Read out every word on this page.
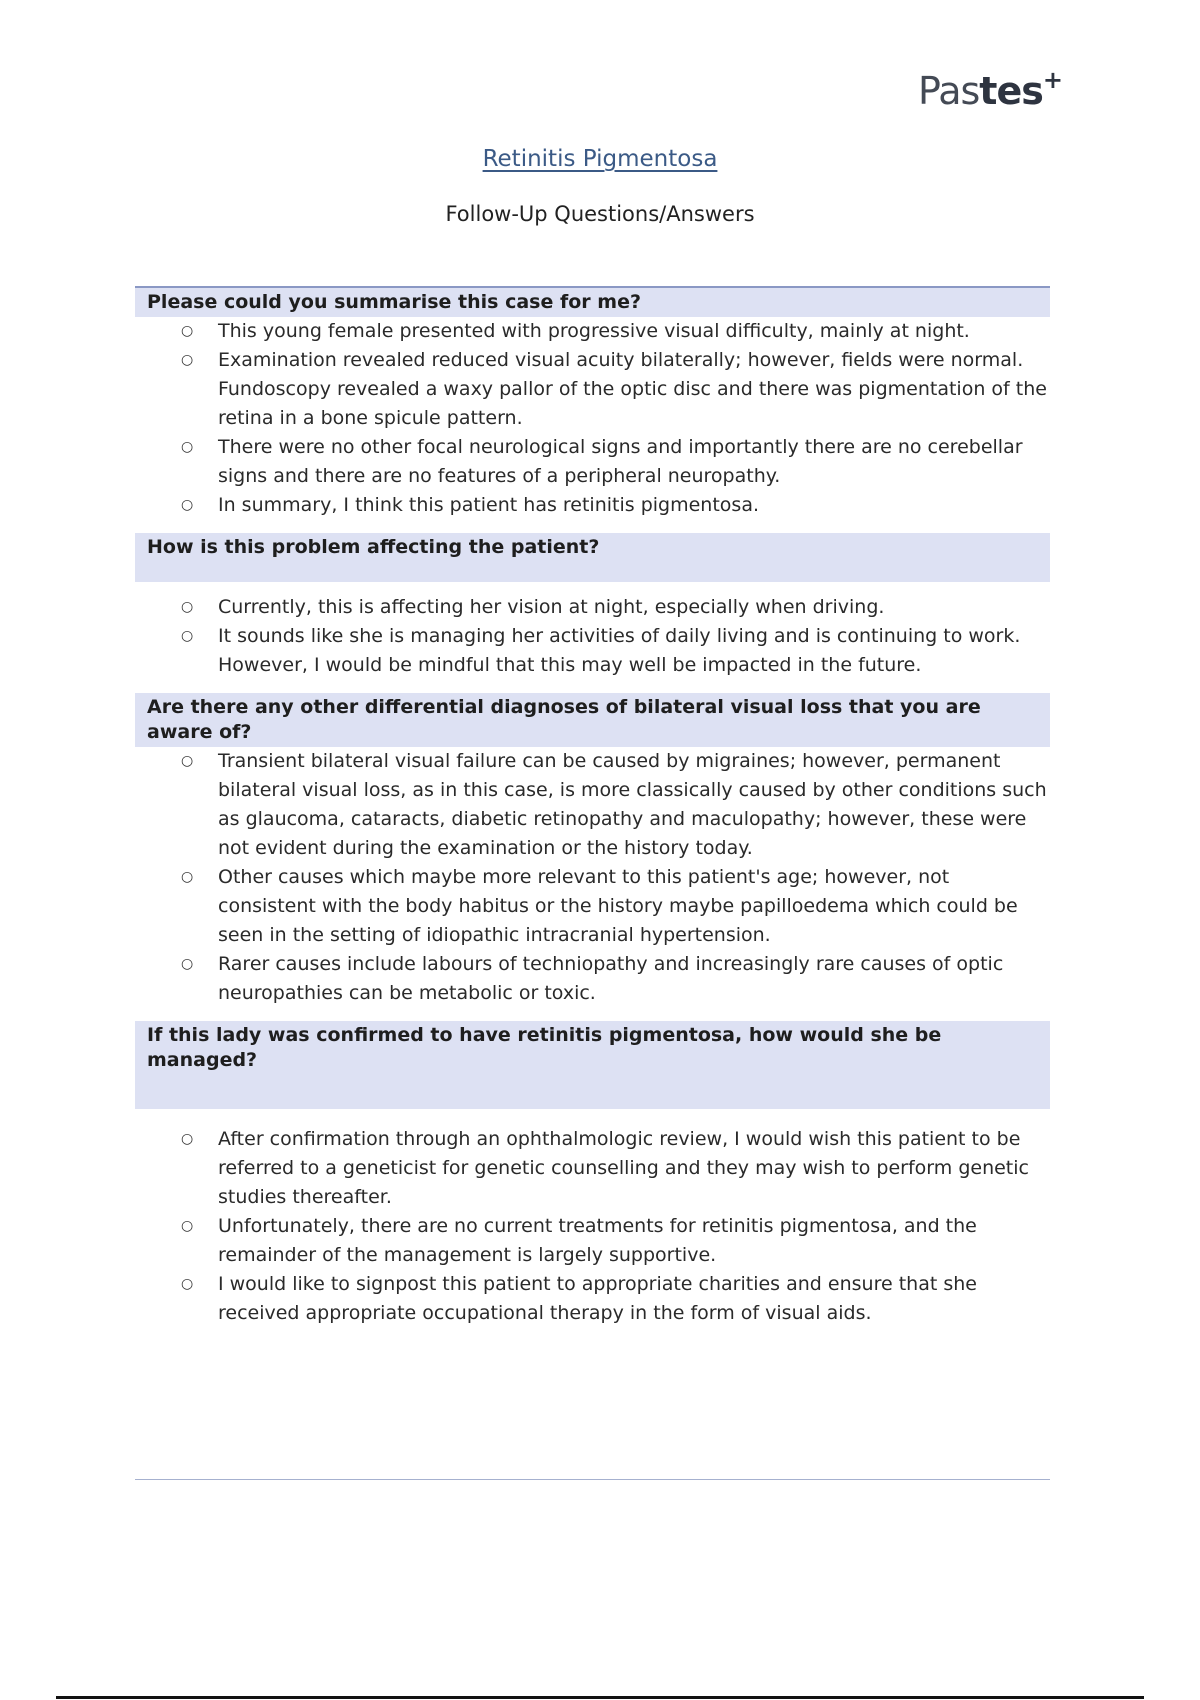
Pastes+
Retinitis Pigmentosa
Follow-Up Questions/Answers
Please could you summarise this case for me?
○ This young female presented with progressive visual difficulty, mainly at night.
○ Examination revealed reduced visual acuity bilaterally; however, fields were normal. Fundoscopy revealed a waxy pallor of the optic disc and there was pigmentation of the retina in a bone spicule pattern.
○ There were no other focal neurological signs and importantly there are no cerebellar signs and there are no features of a peripheral neuropathy.
○ In summary, I think this patient has retinitis pigmentosa.
How is this problem affecting the patient?
○ Currently, this is affecting her vision at night, especially when driving.
○ It sounds like she is managing her activities of daily living and is continuing to work. However, I would be mindful that this may well be impacted in the future.
Are there any other differential diagnoses of bilateral visual loss that you are aware of?
○ Transient bilateral visual failure can be caused by migraines; however, permanent bilateral visual loss, as in this case, is more classically caused by other conditions such as glaucoma, cataracts, diabetic retinopathy and maculopathy; however, these were not evident during the examination or the history today.
○ Other causes which maybe more relevant to this patient's age; however, not consistent with the body habitus or the history maybe papilloedema which could be seen in the setting of idiopathic intracranial hypertension.
○ Rarer causes include labours of techniopathy and increasingly rare causes of optic neuropathies can be metabolic or toxic.
If this lady was confirmed to have retinitis pigmentosa, how would she be managed?
○ After confirmation through an ophthalmologic review, I would wish this patient to be referred to a geneticist for genetic counselling and they may wish to perform genetic studies thereafter.
○ Unfortunately, there are no current treatments for retinitis pigmentosa, and the remainder of the management is largely supportive.
○ I would like to signpost this patient to appropriate charities and ensure that she received appropriate occupational therapy in the form of visual aids.
